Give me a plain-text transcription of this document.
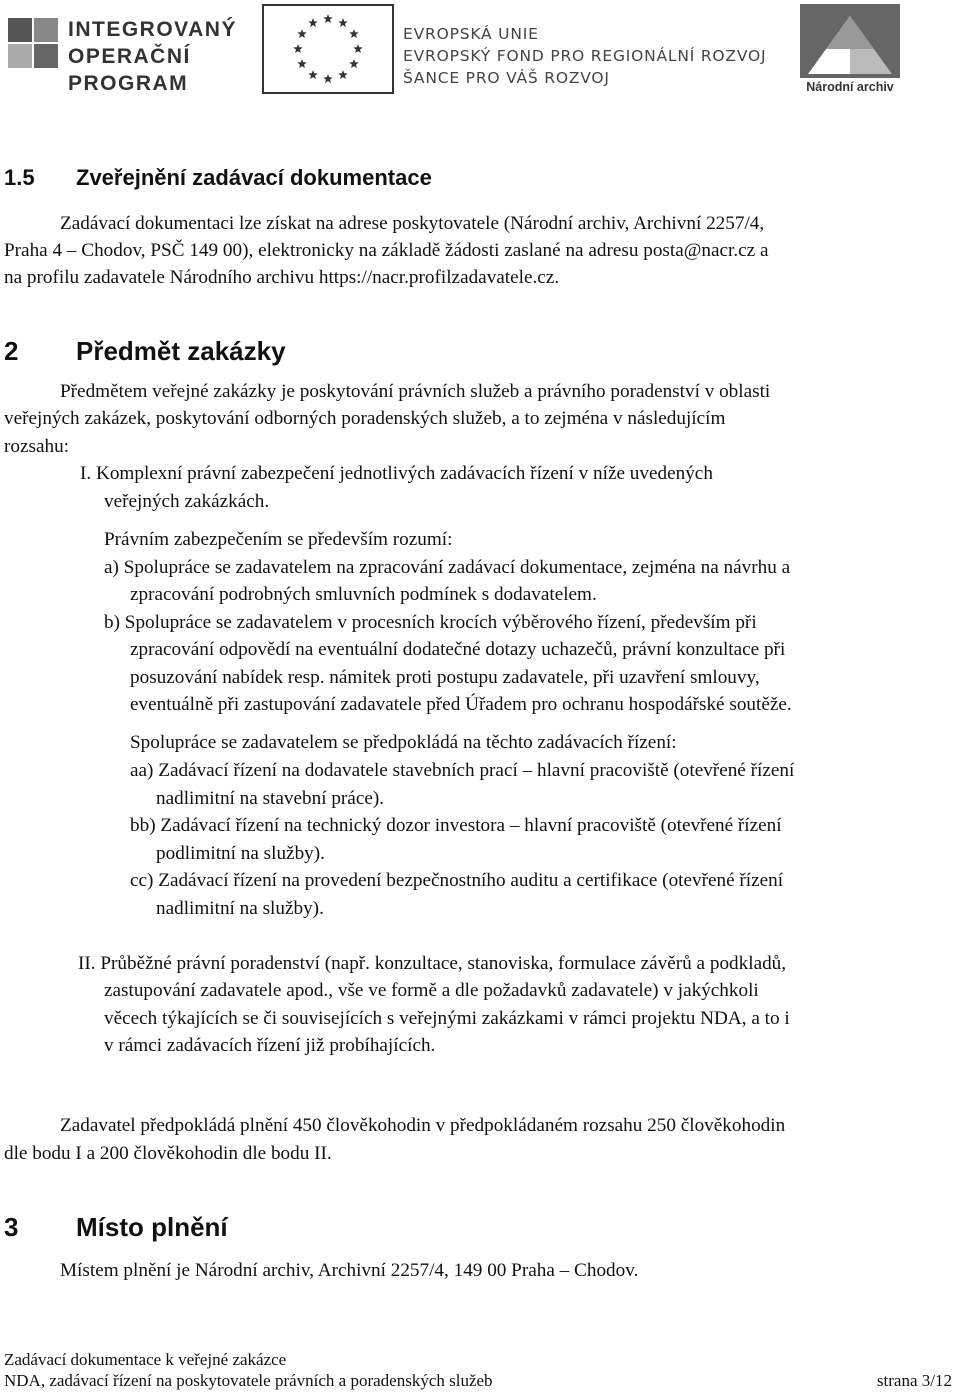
INTEGROVANÝ
OPERAČNÍ
PROGRAM
EVROPSKÁ UNIE
EVROPSKÝ FOND PRO REGIONÁLNÍ ROZVOJ
ŠANCE PRO VÁŠ ROZVOJ	Národní archiv
1.5 Zveřejnění zadávací dokumentace
Zadávací dokumentaci lze získat na adrese poskytovatele (Národní archiv, Archivní 2257/4,
Praha 4 – Chodov, PSČ 149 00), elektronicky na základě žádosti zaslané na adresu posta@nacr.cz a
na profilu zadavatele Národního archivu https://nacr.profilzadavatele.cz.
2 Předmět zakázky
Předmětem veřejné zakázky je poskytování právních služeb a právního poradenství v oblasti
veřejných zakázek, poskytování odborných poradenských služeb, a to zejména v následujícím
rozsahu:
I. Komplexní právní zabezpečení jednotlivých zadávacích řízení v níže uvedených
veřejných zakázkách.
Právním zabezpečením se především rozumí:
a) Spolupráce se zadavatelem na zpracování zadávací dokumentace, zejména na návrhu a
zpracování podrobných smluvních podmínek s dodavatelem.
b) Spolupráce se zadavatelem v procesních krocích výběrového řízení, především při
zpracování odpovědí na eventuální dodatečné dotazy uchazečů, právní konzultace při
posuzování nabídek resp. námitek proti postupu zadavatele, při uzavření smlouvy,
eventuálně při zastupování zadavatele před Úřadem pro ochranu hospodářské soutěže.
Spolupráce se zadavatelem se předpokládá na těchto zadávacích řízení:
aa) Zadávací řízení na dodavatele stavebních prací – hlavní pracoviště (otevřené řízení
nadlimitní na stavební práce).
bb) Zadávací řízení na technický dozor investora – hlavní pracoviště (otevřené řízení
podlimitní na služby).
cc) Zadávací řízení na provedení bezpečnostního auditu a certifikace (otevřené řízení
nadlimitní na služby).
II. Průběžné právní poradenství (např. konzultace, stanoviska, formulace závěrů a podkladů,
zastupování zadavatele apod., vše ve formě a dle požadavků zadavatele) v jakýchkoli
věcech týkajících se či souvisejících s veřejnými zakázkami v rámci projektu NDA, a to i
v rámci zadávacích řízení již probíhajících.
Zadavatel předpokládá plnění 450 člověkohodin v předpokládaném rozsahu 250 člověkohodin
dle bodu I a 200 člověkohodin dle bodu II.
3 Místo plnění
Místem plnění je Národní archiv, Archivní 2257/4, 149 00 Praha – Chodov.
Zadávací dokumentace k veřejné zakázce
NDA, zadávací řízení na poskytovatele právních a poradenských služeb	strana 3/12
